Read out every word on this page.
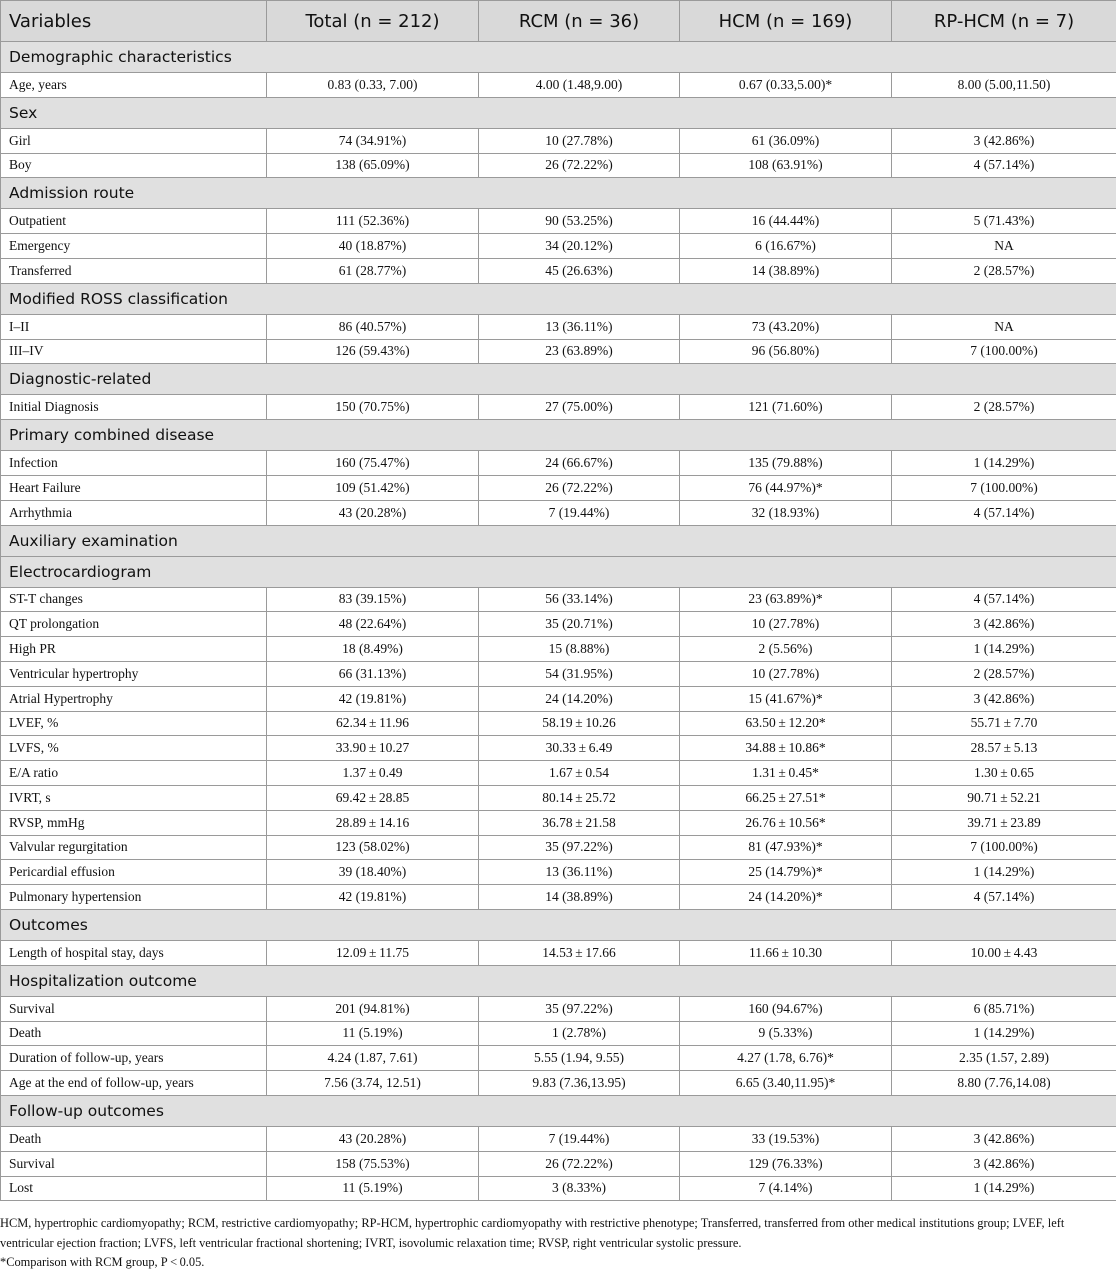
Variables	Total (n = 212)	RCM (n = 36)	HCM (n = 169)	RP-HCM (n = 7)
Demographic characteristics				
Age, years	0.83 (0.33, 7.00)	4.00 (1.48,9.00)	0.67 (0.33,5.00)*	8.00 (5.00,11.50)
Sex				
Girl	74 (34.91%)	10 (27.78%)	61 (36.09%)	3 (42.86%)
Boy	138 (65.09%)	26 (72.22%)	108 (63.91%)	4 (57.14%)
Admission route				
Outpatient	111 (52.36%)	90 (53.25%)	16 (44.44%)	5 (71.43%)
Emergency	40 (18.87%)	34 (20.12%)	6 (16.67%)	NA
Transferred	61 (28.77%)	45 (26.63%)	14 (38.89%)	2 (28.57%)
Modified ROSS classification				
I–II	86 (40.57%)	13 (36.11%)	73 (43.20%)	NA
III–IV	126 (59.43%)	23 (63.89%)	96 (56.80%)	7 (100.00%)
Diagnostic-related				
Initial Diagnosis	150 (70.75%)	27 (75.00%)	121 (71.60%)	2 (28.57%)
Primary combined disease				
Infection	160 (75.47%)	24 (66.67%)	135 (79.88%)	1 (14.29%)
Heart Failure	109 (51.42%)	26 (72.22%)	76 (44.97%)*	7 (100.00%)
Arrhythmia	43 (20.28%)	7 (19.44%)	32 (18.93%)	4 (57.14%)
Auxiliary examination				
Electrocardiogram				
ST-T changes	83 (39.15%)	56 (33.14%)	23 (63.89%)*	4 (57.14%)
QT prolongation	48 (22.64%)	35 (20.71%)	10 (27.78%)	3 (42.86%)
High PR	18 (8.49%)	15 (8.88%)	2 (5.56%)	1 (14.29%)
Ventricular hypertrophy	66 (31.13%)	54 (31.95%)	10 (27.78%)	2 (28.57%)
Atrial Hypertrophy	42 (19.81%)	24 (14.20%)	15 (41.67%)*	3 (42.86%)
LVEF, %	62.34 ± 11.96	58.19 ± 10.26	63.50 ± 12.20*	55.71 ± 7.70
LVFS, %	33.90 ± 10.27	30.33 ± 6.49	34.88 ± 10.86*	28.57 ± 5.13
E/A ratio	1.37 ± 0.49	1.67 ± 0.54	1.31 ± 0.45*	1.30 ± 0.65
IVRT, s	69.42 ± 28.85	80.14 ± 25.72	66.25 ± 27.51*	90.71 ± 52.21
RVSP, mmHg	28.89 ± 14.16	36.78 ± 21.58	26.76 ± 10.56*	39.71 ± 23.89
Valvular regurgitation	123 (58.02%)	35 (97.22%)	81 (47.93%)*	7 (100.00%)
Pericardial effusion	39 (18.40%)	13 (36.11%)	25 (14.79%)*	1 (14.29%)
Pulmonary hypertension	42 (19.81%)	14 (38.89%)	24 (14.20%)*	4 (57.14%)
Outcomes				
Length of hospital stay, days	12.09 ± 11.75	14.53 ± 17.66	11.66 ± 10.30	10.00 ± 4.43
Hospitalization outcome				
Survival	201 (94.81%)	35 (97.22%)	160 (94.67%)	6 (85.71%)
Death	11 (5.19%)	1 (2.78%)	9 (5.33%)	1 (14.29%)
Duration of follow-up, years	4.24 (1.87, 7.61)	5.55 (1.94, 9.55)	4.27 (1.78, 6.76)*	2.35 (1.57, 2.89)
Age at the end of follow-up, years	7.56 (3.74, 12.51)	9.83 (7.36,13.95)	6.65 (3.40,11.95)*	8.80 (7.76,14.08)
Follow-up outcomes				
Death	43 (20.28%)	7 (19.44%)	33 (19.53%)	3 (42.86%)
Survival	158 (75.53%)	26 (72.22%)	129 (76.33%)	3 (42.86%)
Lost	11 (5.19%)	3 (8.33%)	7 (4.14%)	1 (14.29%)
HCM, hypertrophic cardiomyopathy; RCM, restrictive cardiomyopathy; RP-HCM, hypertrophic cardiomyopathy with restrictive phenotype; Transferred, transferred from other medical institutions group; LVEF, left ventricular ejection fraction; LVFS, left ventricular fractional shortening; IVRT, isovolumic relaxation time; RVSP, right ventricular systolic pressure.
*Comparison with RCM group, P < 0.05.
